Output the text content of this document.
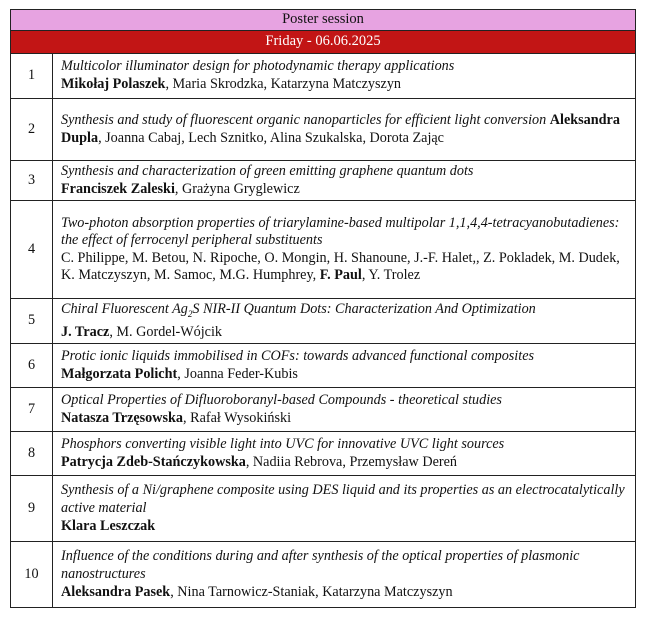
Poster session	
Friday - 06.06.2025	
1	Multicolor illuminator design for photodynamic therapy applications
Mikołaj Polaszek, Maria Skrodzka, Katarzyna Matczyszyn
2	Synthesis and study of fluorescent organic nanoparticles for efficient light conversion Aleksandra Dupla, Joanna Cabaj, Lech Sznitko, Alina Szukalska, Dorota Zając
3	Synthesis and characterization of green emitting graphene quantum dots
Franciszek Zaleski, Grażyna Gryglewicz
4	Two-photon absorption properties of triarylamine-based multipolar 1,1,4,4-tetracyanobutadienes: the effect of ferrocenyl peripheral substituents
C. Philippe, M. Betou, N. Ripoche, O. Mongin, H. Shanoune, J.-F. Halet,, Z. Pokladek, M. Dudek, K. Matczyszyn, M. Samoc, M.G. Humphrey, F. Paul, Y. Trolez
5	Chiral Fluorescent $Ag_2S$ NIR-II Quantum Dots: Characterization And Optimization
J. Tracz, M. Gordel-Wójcik
6	Protic ionic liquids immobilised in COFs: towards advanced functional composites
Małgorzata Policht, Joanna Feder-Kubis
7	Optical Properties of Difluoroboranyl-based Compounds - theoretical studies
Natasza Trzęsowska, Rafał Wysokiński
8	Phosphors converting visible light into UVC for innovative UVC light sources
Patrycja Zdeb-Stańczykowska, Nadiia Rebrova, Przemysław Dereń
9	Synthesis of a Ni/graphene composite using DES liquid and its properties as an electrocatalytically active material
Klara Leszczak
10	Influence of the conditions during and after synthesis of the optical properties of plasmonic nanostructures
Aleksandra Pasek, Nina Tarnowicz-Staniak, Katarzyna Matczyszyn
